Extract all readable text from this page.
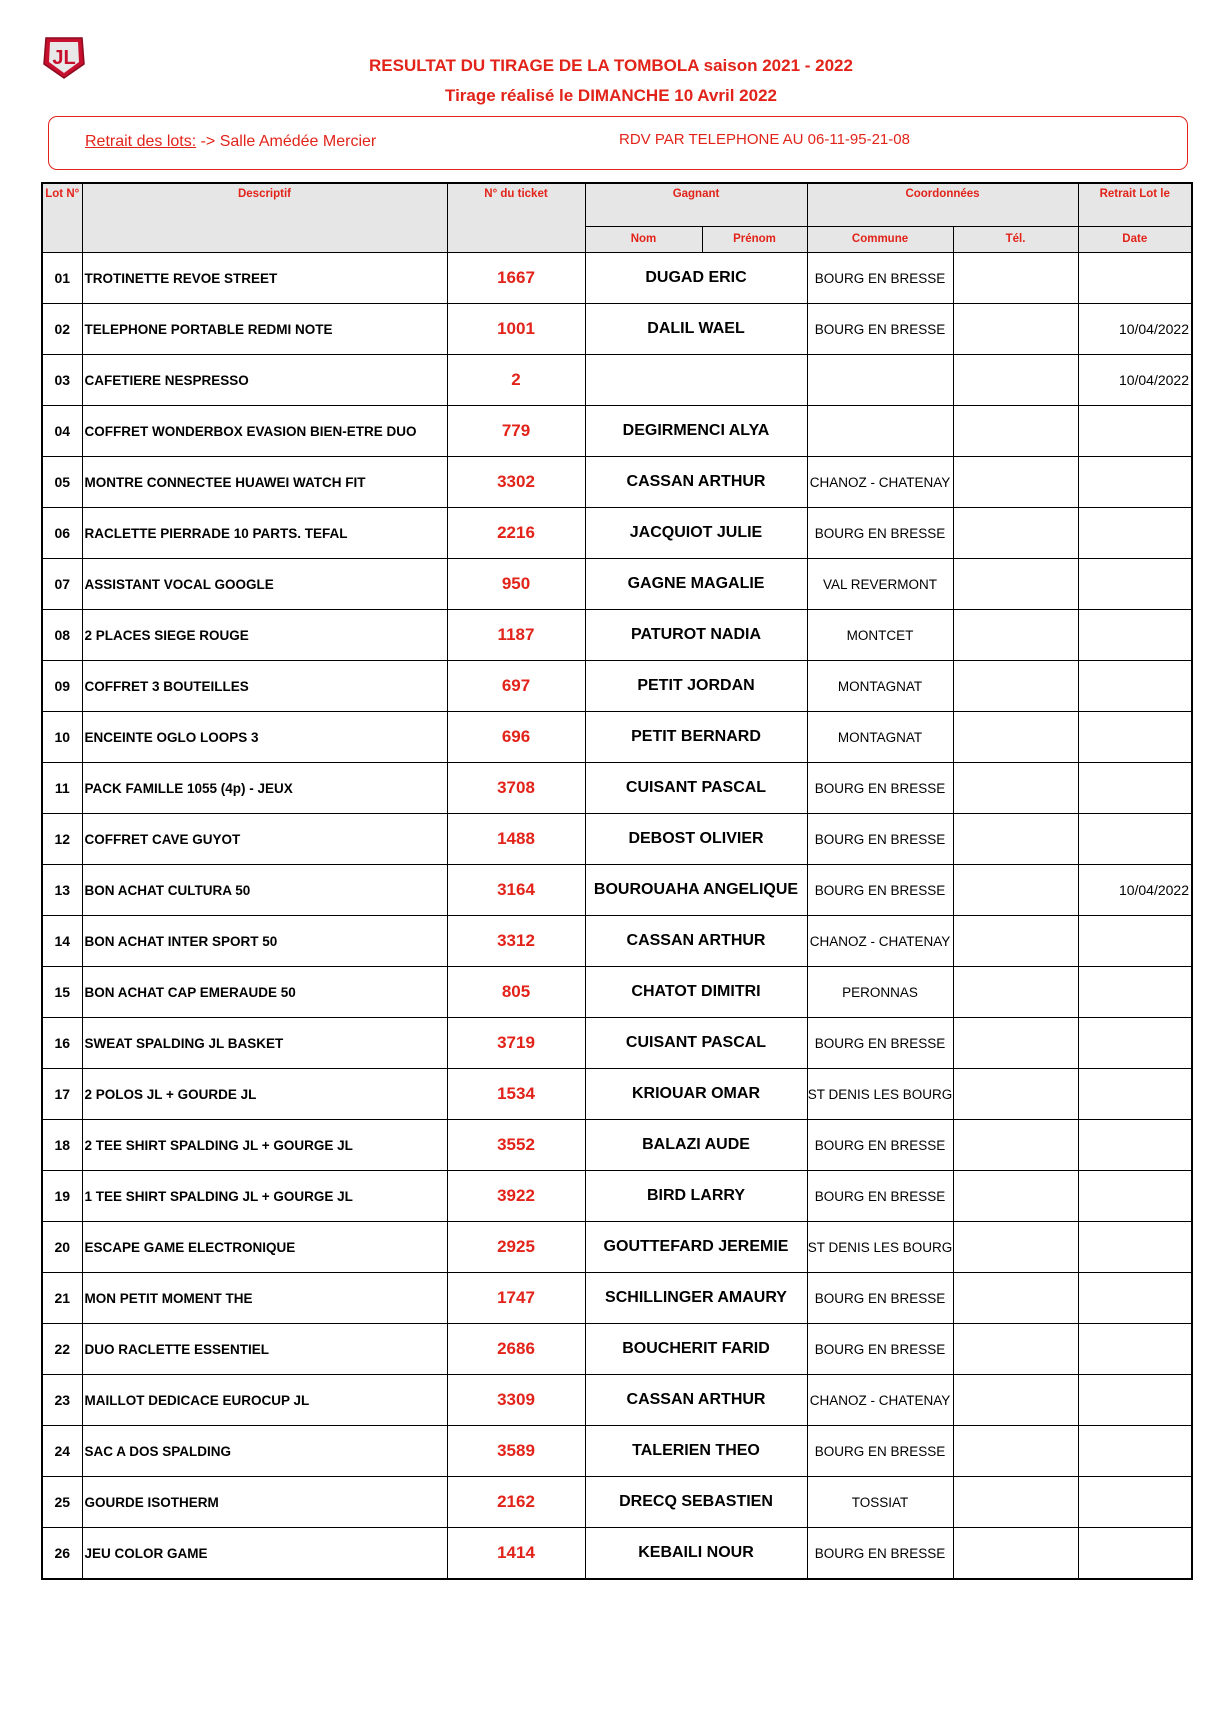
JL	RESULTAT DU TIRAGE DE LA TOMBOLA saison 2021 - 2022
Tirage réalisé le DIMANCHE 10 Avril 2022
Retrait des lots: -> Salle Amédée Mercier	RDV PAR TELEPHONE AU 06-11-95-21-08
Lot N°	Descriptif	N° du ticket	Gagnant		Coordonnées		Retrait Lot le
			Nom	Prénom	Commune	Tél.	Date
01	TROTINETTE REVOE STREET	1667	DUGAD ERIC		BOURG EN BRESSE		
02	TELEPHONE PORTABLE REDMI NOTE	1001	DALIL WAEL		BOURG EN BRESSE		10/04/2022
03	CAFETIERE NESPRESSO	2					10/04/2022
04	COFFRET WONDERBOX EVASION BIEN-ETRE DUO	779	DEGIRMENCI ALYA				
05	MONTRE CONNECTEE HUAWEI WATCH FIT	3302	CASSAN ARTHUR		CHANOZ - CHATENAY		
06	RACLETTE PIERRADE 10 PARTS. TEFAL	2216	JACQUIOT JULIE		BOURG EN BRESSE		
07	ASSISTANT VOCAL GOOGLE	950	GAGNE MAGALIE		VAL REVERMONT		
08	2 PLACES SIEGE ROUGE	1187	PATUROT NADIA		MONTCET		
09	COFFRET 3 BOUTEILLES	697	PETIT JORDAN		MONTAGNAT		
10	ENCEINTE OGLO LOOPS 3	696	PETIT BERNARD		MONTAGNAT		
11	PACK FAMILLE 1055 (4p) - JEUX	3708	CUISANT PASCAL		BOURG EN BRESSE		
12	COFFRET CAVE GUYOT	1488	DEBOST OLIVIER		BOURG EN BRESSE		
13	BON ACHAT CULTURA 50	3164	BOUROUAHA ANGELIQUE		BOURG EN BRESSE		10/04/2022
14	BON ACHAT INTER SPORT 50	3312	CASSAN ARTHUR		CHANOZ - CHATENAY		
15	BON ACHAT CAP EMERAUDE 50	805	CHATOT DIMITRI		PERONNAS		
16	SWEAT SPALDING JL BASKET	3719	CUISANT PASCAL		BOURG EN BRESSE		
17	2 POLOS JL + GOURDE JL	1534	KRIOUAR OMAR		ST DENIS LES BOURG		
18	2 TEE SHIRT SPALDING JL + GOURGE JL	3552	BALAZI AUDE		BOURG EN BRESSE		
19	1 TEE SHIRT SPALDING JL + GOURGE JL	3922	BIRD LARRY		BOURG EN BRESSE		
20	ESCAPE GAME ELECTRONIQUE	2925	GOUTTEFARD JEREMIE		ST DENIS LES BOURG		
21	MON PETIT MOMENT THE	1747	SCHILLINGER AMAURY		BOURG EN BRESSE		
22	DUO RACLETTE ESSENTIEL	2686	BOUCHERIT FARID		BOURG EN BRESSE		
23	MAILLOT DEDICACE EUROCUP JL	3309	CASSAN ARTHUR		CHANOZ - CHATENAY		
24	SAC A DOS SPALDING	3589	TALERIEN THEO		BOURG EN BRESSE		
25	GOURDE ISOTHERM	2162	DRECQ SEBASTIEN		TOSSIAT		
26	JEU COLOR GAME	1414	KEBAILI NOUR		BOURG EN BRESSE		
